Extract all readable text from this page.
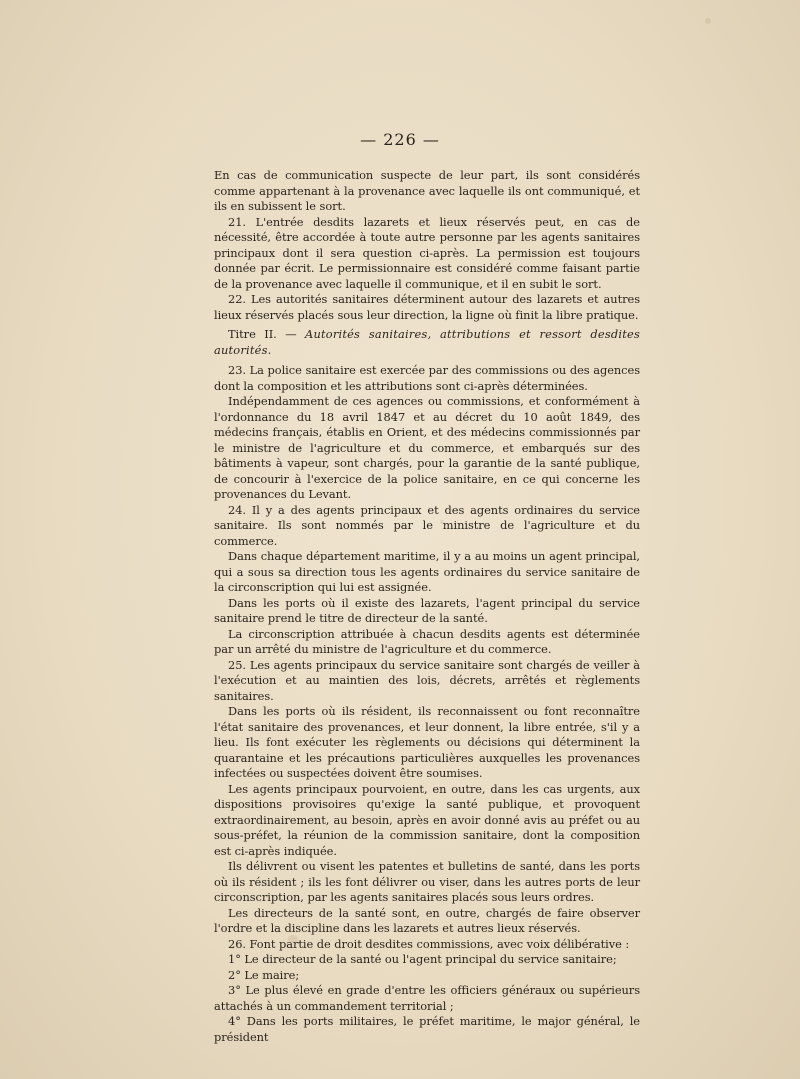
— 226 —

En cas de communication suspecte de leur part, ils sont considérés comme appartenant à la provenance avec laquelle ils ont communiqué, et ils en subissent le sort.

21. L'entrée desdits lazarets et lieux réservés peut, en cas de nécessité, être accordée à toute autre personne par les agents sanitaires principaux dont il sera question ci-après. La permission est toujours donnée par écrit. Le permissionnaire est considéré comme faisant partie de la provenance avec laquelle il communique, et il en subit le sort.

22. Les autorités sanitaires déterminent autour des lazarets et autres lieux réservés placés sous leur direction, la ligne où finit la libre pratique.

Titre II. — Autorités sanitaires, attributions et ressort desdites autorités.

23. La police sanitaire est exercée par des commissions ou des agences dont la composition et les attributions sont ci-après déterminées.

Indépendamment de ces agences ou commissions, et conformément à l'ordonnance du 18 avril 1847 et au décret du 10 août 1849, des médecins français, établis en Orient, et des médecins commissionnés par le ministre de l'agriculture et du commerce, et embarqués sur des bâtiments à vapeur, sont chargés, pour la garantie de la santé publique, de concourir à l'exercice de la police sanitaire, en ce qui concerne les provenances du Levant.

24. Il y a des agents principaux et des agents ordinaires du service sanitaire. Ils sont nommés par le ministre de l'agriculture et du commerce.

Dans chaque département maritime, il y a au moins un agent principal, qui a sous sa direction tous les agents ordinaires du service sanitaire de la circonscription qui lui est assignée.

Dans les ports où il existe des lazarets, l'agent principal du service sanitaire prend le titre de directeur de la santé.

La circonscription attribuée à chacun desdits agents est déterminée par un arrêté du ministre de l'agriculture et du commerce.

25. Les agents principaux du service sanitaire sont chargés de veiller à l'exécution et au maintien des lois, décrets, arrêtés et règlements sanitaires.

Dans les ports où ils résident, ils reconnaissent ou font reconnaître l'état sanitaire des provenances, et leur donnent, la libre entrée, s'il y a lieu. Ils font exécuter les règlements ou décisions qui déterminent la quarantaine et les précautions particulières auxquelles les provenances infectées ou suspectées doivent être soumises.

Les agents principaux pourvoient, en outre, dans les cas urgents, aux dispositions provisoires qu'exige la santé publique, et provoquent extraordinairement, au besoin, après en avoir donné avis au préfet ou au sous-préfet, la réunion de la commission sanitaire, dont la composition est ci-après indiquée.

Ils délivrent ou visent les patentes et bulletins de santé, dans les ports où ils résident ; ils les font délivrer ou viser, dans les autres ports de leur circonscription, par les agents sanitaires placés sous leurs ordres.

Les directeurs de la santé sont, en outre, chargés de faire observer l'ordre et la discipline dans les lazarets et autres lieux réservés.

26. Font partie de droit desdites commissions, avec voix délibérative :

1° Le directeur de la santé ou l'agent principal du service sanitaire;

2° Le maire;

3° Le plus élevé en grade d'entre les officiers généraux ou supérieurs attachés à un commandement territorial ;

4° Dans les ports militaires, le préfet maritime, le major général, le président
